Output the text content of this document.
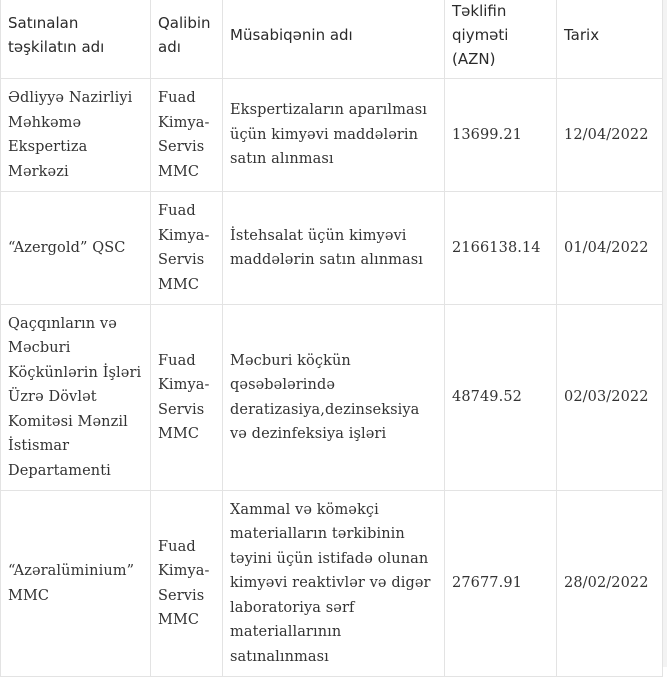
Satınalan təşkilatın adı	Qalibin adı	Müsabiqənin adı	Təklifin qiyməti (AZN)	Tarix
Ədliyyə Nazirliyi Məhkəmə Ekspertiza Mərkəzi	Fuad Kimya-Servis MMC	Ekspertizaların aparılması üçün kimyəvi maddələrin satın alınması	13699.21	12/04/2022
“Azergold” QSC	Fuad Kimya-Servis MMC	İstehsalat üçün kimyəvi maddələrin satın alınması	2166138.14	01/04/2022
Qaçqınların və Məcburi Köçkünlərin İşləri Üzrə Dövlət Komitəsi Mənzil İstismar Departamenti	Fuad Kimya-Servis MMC	Məcburi köçkün qəsəbələrində deratizasiya,dezinseksiya və dezinfeksiya işləri	48749.52	02/03/2022
“Azəralüminium” MMC	Fuad Kimya-Servis MMC	Xammal və köməkçi materialların tərkibinin təyini üçün istifadə olunan kimyəvi reaktivlər və digər laboratoriya sərf materiallarının satınalınması	27677.91	28/02/2022
